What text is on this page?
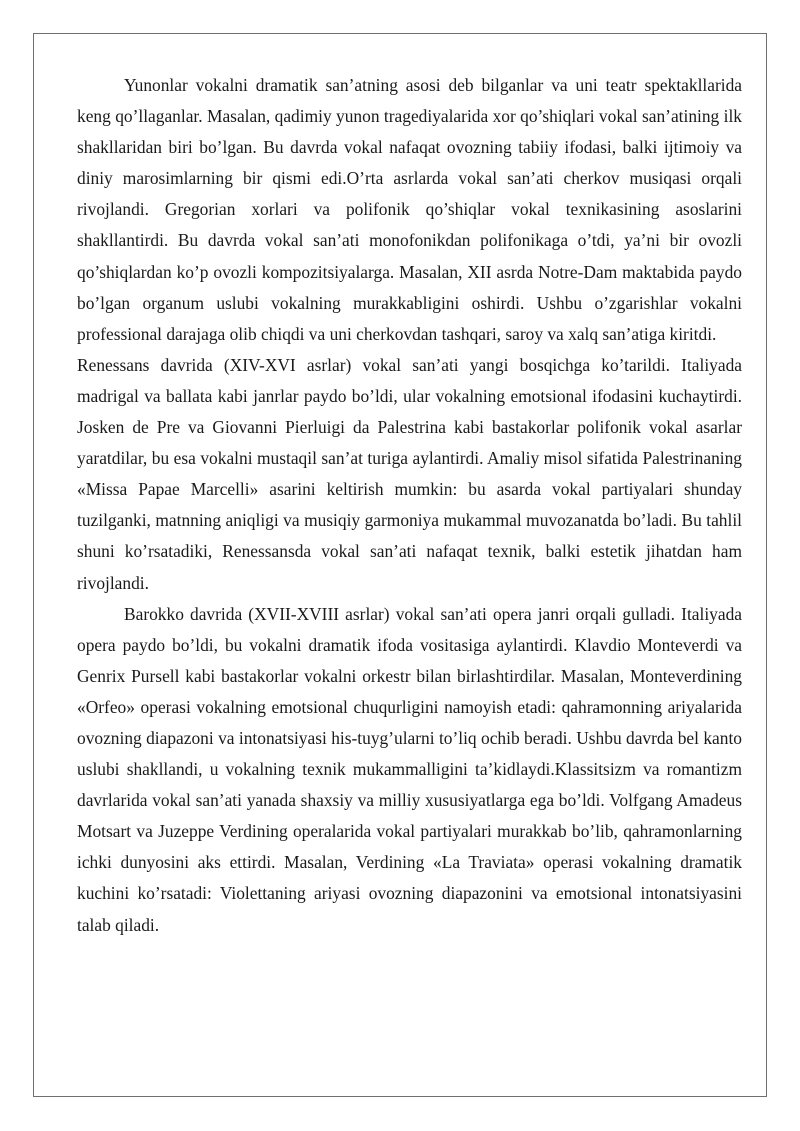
Yunonlar vokalni dramatik san’atning asosi deb bilganlar va uni teatr spektakllarida keng qo’llaganlar. Masalan, qadimiy yunon tragediyalarida xor qo’shiqlari vokal san’atining ilk shakllaridan biri bo’lgan. Bu davrda vokal nafaqat ovozning tabiiy ifodasi, balki ijtimoiy va diniy marosimlarning bir qismi edi.O’rta asrlarda vokal san’ati cherkov musiqasi orqali rivojlandi. Gregorian xorlari va polifonik qo’shiqlar vokal texnikasining asoslarini shakllantirdi. Bu davrda vokal san’ati monofonikdan polifonikaga o’tdi, ya’ni bir ovozli qo’shiqlardan ko’p ovozli kompozitsiyalarga. Masalan, XII asrda Notre-Dam maktabida paydo bo’lgan organum uslubi vokalning murakkabligini oshirdi. Ushbu o’zgarishlar vokalni professional darajaga olib chiqdi va uni cherkovdan tashqari, saroy va xalq san’atiga kiritdi.

Renessans davrida (XIV-XVI asrlar) vokal san’ati yangi bosqichga ko’tarildi. Italiyada madrigal va ballata kabi janrlar paydo bo’ldi, ular vokalning emotsional ifodasini kuchaytirdi. Josken de Pre va Giovanni Pierluigi da Palestrina kabi bastakorlar polifonik vokal asarlar yaratdilar, bu esa vokalni mustaqil san’at turiga aylantirdi. Amaliy misol sifatida Palestrinaning «Missa Papae Marcelli» asarini keltirish mumkin: bu asarda vokal partiyalari shunday tuzilganki, matnning aniqligi va musiqiy garmoniya mukammal muvozanatda bo’ladi. Bu tahlil shuni ko’rsatadiki, Renessansda vokal san’ati nafaqat texnik, balki estetik jihatdan ham rivojlandi.

Barokko davrida (XVII-XVIII asrlar) vokal san’ati opera janri orqali gulladi. Italiyada opera paydo bo’ldi, bu vokalni dramatik ifoda vositasiga aylantirdi. Klavdio Monteverdi va Genrix Pursell kabi bastakorlar vokalni orkestr bilan birlashtirdilar. Masalan, Monteverdining «Orfeo» operasi vokalning emotsional chuqurligini namoyish etadi: qahramonning ariyalarida ovozning diapazoni va intonatsiyasi his-tuyg’ularni to’liq ochib beradi. Ushbu davrda bel kanto uslubi shakllandi, u vokalning texnik mukammalligini ta’kidlaydi.Klassitsizm va romantizm davrlarida vokal san’ati yanada shaxsiy va milliy xususiyatlarga ega bo’ldi. Volfgang Amadeus Motsart va Juzeppe Verdining operalarida vokal partiyalari murakkab bo’lib, qahramonlarning ichki dunyosini aks ettirdi. Masalan, Verdining «La Traviata» operasi vokalning dramatik kuchini ko’rsatadi: Violettaning ariyasi ovozning diapazonini va emotsional intonatsiyasini talab qiladi.
